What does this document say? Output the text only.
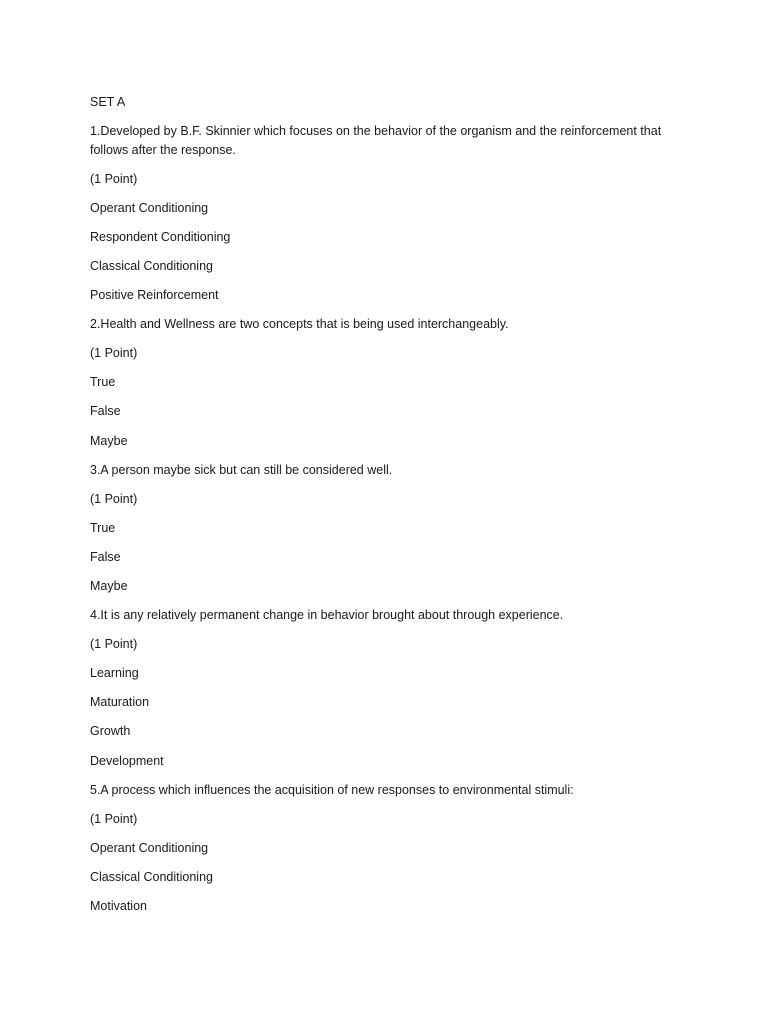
SET A

1.Developed by B.F. Skinnier which focuses on the behavior of the organism and the reinforcement that follows after the response.

(1 Point)

Operant Conditioning

Respondent Conditioning

Classical Conditioning

Positive Reinforcement

2.Health and Wellness are two concepts that is being used interchangeably.

(1 Point)

True

False

Maybe

3.A person maybe sick but can still be considered well.

(1 Point)

True

False

Maybe

4.It is any relatively permanent change in behavior brought about through experience.

(1 Point)

Learning

Maturation

Growth

Development

5.A process which influences the acquisition of new responses to environmental stimuli:

(1 Point)

Operant Conditioning

Classical Conditioning

Motivation
